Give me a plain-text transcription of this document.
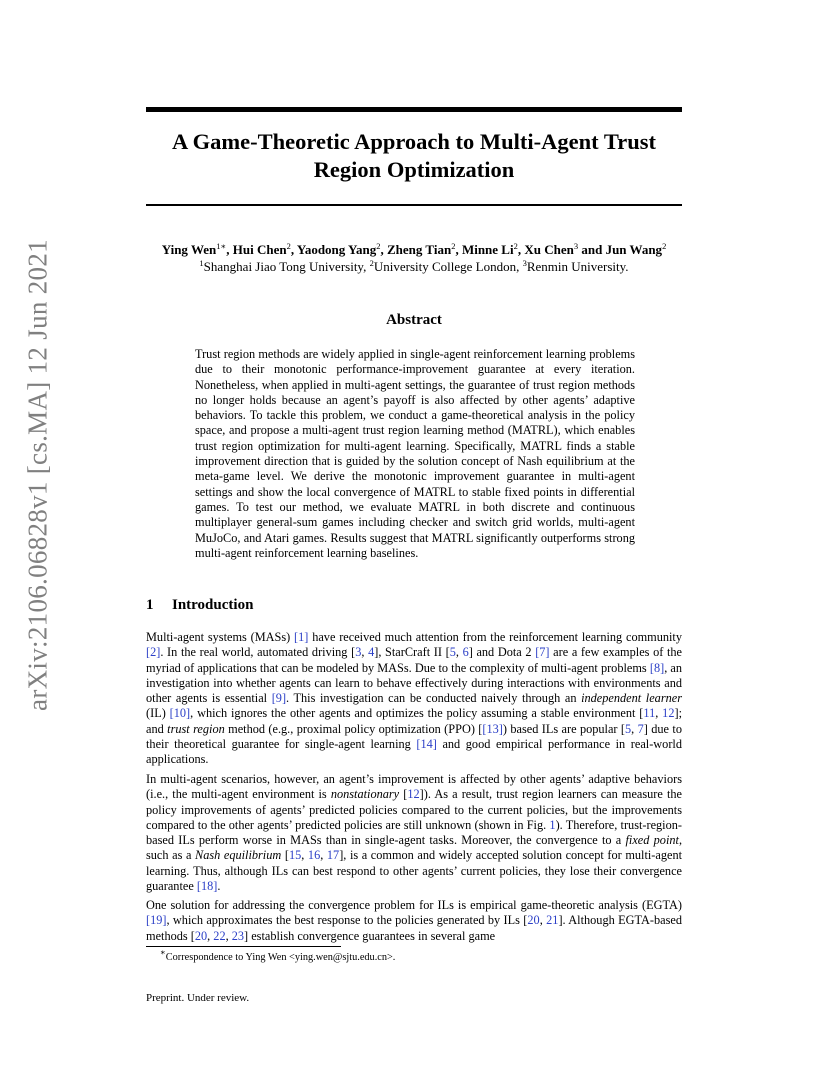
arXiv:2106.06828v1 [cs.MA] 12 Jun 2021
A Game-Theoretic Approach to Multi-Agent Trust
Region Optimization
Ying Wen$^{1∗}$, Hui Chen$^2$, Yaodong Yang$^2$, Zheng Tian$^2$, Minne Li$^2$, Xu Chen$^3$ and Jun Wang$^2$
$^1$Shanghai Jiao Tong University, $^2$University College London, $^3$Renmin University.
Abstract

Trust region methods are widely applied in single-agent reinforcement learning problems due to their monotonic performance-improvement guarantee at every iteration. Nonetheless, when applied in multi-agent settings, the guarantee of trust region methods no longer holds because an agent’s payoff is also affected by other agents’ adaptive behaviors. To tackle this problem, we conduct a game-theoretical analysis in the policy space, and propose a multi-agent trust region learning method (MATRL), which enables trust region optimization for multi-agent learning. Specifically, MATRL finds a stable improvement direction that is guided by the solution concept of Nash equilibrium at the meta-game level. We derive the monotonic improvement guarantee in multi-agent settings and show the local convergence of MATRL to stable fixed points in differential games. To test our method, we evaluate MATRL in both discrete and continuous multiplayer general-sum games including checker and switch grid worlds, multi-agent MuJoCo, and Atari games. Results suggest that MATRL significantly outperforms strong multi-agent reinforcement learning baselines.

1 Introduction

Multi-agent systems (MASs) [1] have received much attention from the reinforcement learning community [2]. In the real world, automated driving [3, 4], StarCraft II [5, 6] and Dota 2 [7] are a few examples of the myriad of applications that can be modeled by MASs. Due to the complexity of multi-agent problems [8], an investigation into whether agents can learn to behave effectively during interactions with environments and other agents is essential [9]. This investigation can be conducted naively through an independent learner (IL) [10], which ignores the other agents and optimizes the policy assuming a stable environment [11, 12]; and trust region method (e.g., proximal policy optimization (PPO) [[13]) based ILs are popular [5, 7] due to their theoretical guarantee for single-agent learning [14] and good empirical performance in real-world applications.

In multi-agent scenarios, however, an agent’s improvement is affected by other agents’ adaptive behaviors (i.e., the multi-agent environment is nonstationary [12]). As a result, trust region learners can measure the policy improvements of agents’ predicted policies compared to the current policies, but the improvements compared to the other agents’ predicted policies are still unknown (shown in Fig. 1). Therefore, trust-region-based ILs perform worse in MASs than in single-agent tasks. Moreover, the convergence to a fixed point, such as a Nash equilibrium [15, 16, 17], is a common and widely accepted solution concept for multi-agent learning. Thus, although ILs can best respond to other agents’ current policies, they lose their convergence guarantee [18].

One solution for addressing the convergence problem for ILs is empirical game-theoretic analysis (EGTA) [19], which approximates the best response to the policies generated by ILs [20, 21]. Although EGTA-based methods [20, 22, 23] establish convergence guarantees in several game

∗Correspondence to Ying Wen <ying.wen@sjtu.edu.cn>.
Preprint. Under review.
